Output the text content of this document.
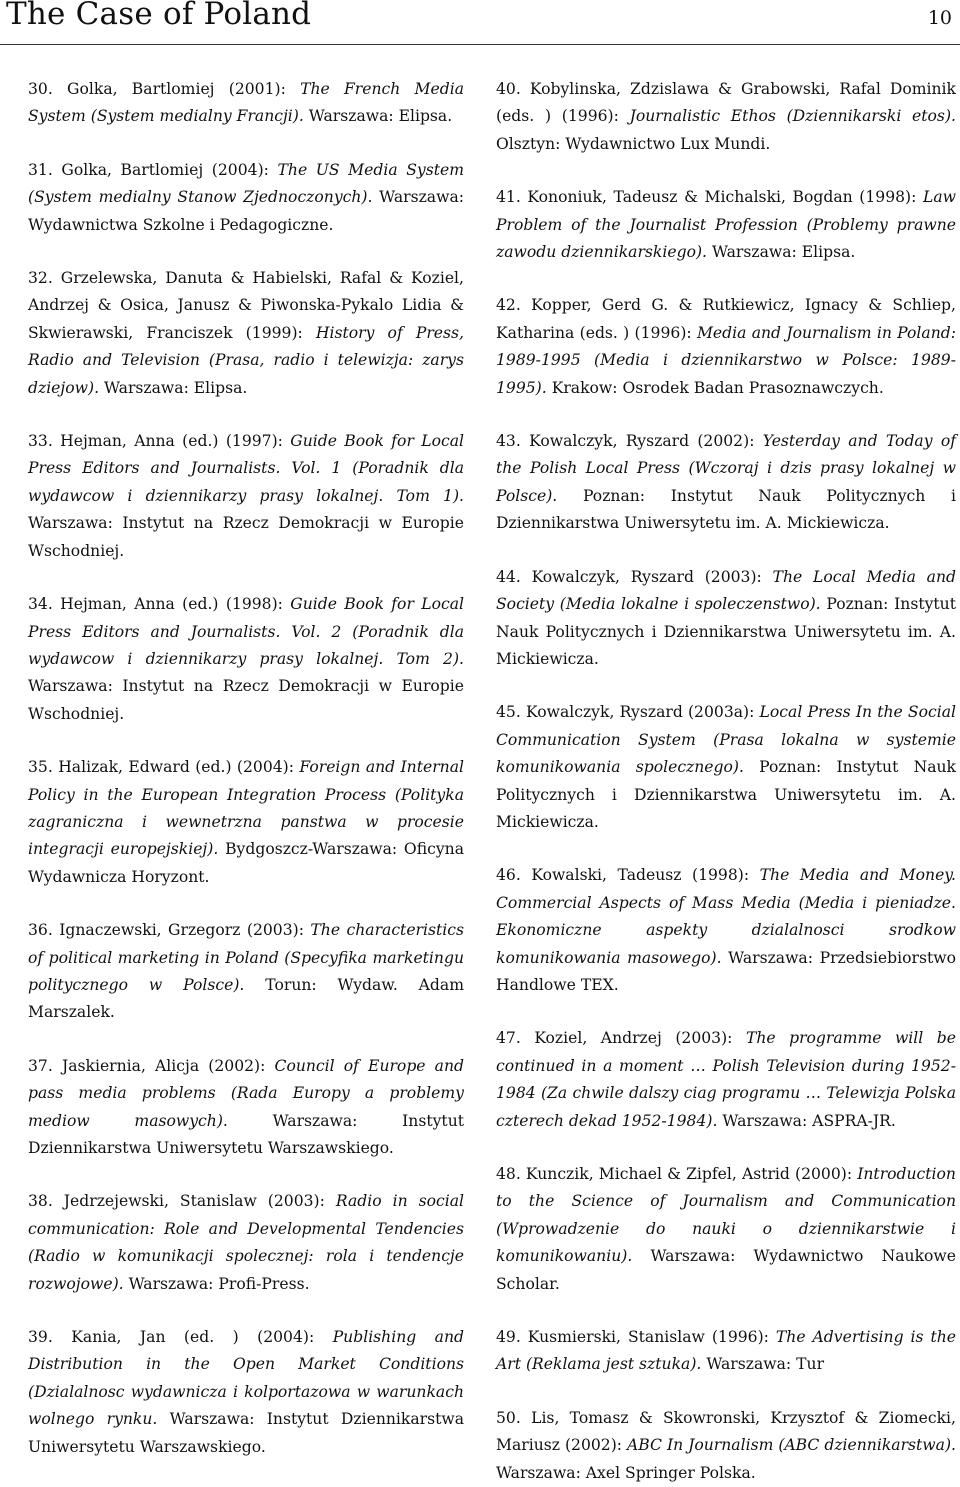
The Case of Poland	10
30. Golka, Bartlomiej (2001): The French Media System (System medialny Francji). Warszawa: Elipsa.
31. Golka, Bartlomiej (2004): The US Media System (System medialny Stanow Zjednoczonych). Warszawa: Wydawnictwa Szkolne i Pedagogiczne.
32. Grzelewska, Danuta & Habielski, Rafal & Koziel, Andrzej & Osica, Janusz & Piwonska-Pykalo Lidia & Skwierawski, Franciszek (1999): History of Press, Radio and Television (Prasa, radio i telewizja: zarys dziejow). Warszawa: Elipsa.
33. Hejman, Anna (ed.) (1997): Guide Book for Local Press Editors and Journalists. Vol. 1 (Poradnik dla wydawcow i dziennikarzy prasy lokalnej. Tom 1). Warszawa: Instytut na Rzecz Demokracji w Europie Wschodniej.
34. Hejman, Anna (ed.) (1998): Guide Book for Local Press Editors and Journalists. Vol. 2 (Poradnik dla wydawcow i dziennikarzy prasy lokalnej. Tom 2). Warszawa: Instytut na Rzecz Demokracji w Europie Wschodniej.
35. Halizak, Edward (ed.) (2004): Foreign and Internal Policy in the European Integration Process (Polityka zagraniczna i wewnetrzna panstwa w procesie integracji europejskiej). Bydgoszcz-Warszawa: Oficyna Wydawnicza Horyzont.
36. Ignaczewski, Grzegorz (2003): The characteristics of political marketing in Poland (Specyfika marketingu politycznego w Polsce). Torun: Wydaw. Adam Marszalek.
37. Jaskiernia, Alicja (2002): Council of Europe and pass media problems (Rada Europy a problemy mediow masowych). Warszawa: Instytut Dziennikarstwa Uniwersytetu Warszawskiego.
38. Jedrzejewski, Stanislaw (2003): Radio in social communication: Role and Developmental Tendencies (Radio w komunikacji spolecznej: rola i tendencje rozwojowe). Warszawa: Profi-Press.
39. Kania, Jan (ed. ) (2004): Publishing and Distribution in the Open Market Conditions (Dzialalnosc wydawnicza i kolportazowa w warunkach wolnego rynku. Warszawa: Instytut Dziennikarstwa Uniwersytetu Warszawskiego.
40. Kobylinska, Zdzislawa & Grabowski, Rafal Dominik (eds. ) (1996): Journalistic Ethos (Dziennikarski etos). Olsztyn: Wydawnictwo Lux Mundi.
41. Kononiuk, Tadeusz & Michalski, Bogdan (1998): Law Problem of the Journalist Profession (Problemy prawne zawodu dziennikarskiego). Warszawa: Elipsa.
42. Kopper, Gerd G. & Rutkiewicz, Ignacy & Schliep, Katharina (eds. ) (1996): Media and Journalism in Poland: 1989-1995 (Media i dziennikarstwo w Polsce: 1989-1995). Krakow: Osrodek Badan Prasoznawczych.
43. Kowalczyk, Ryszard (2002): Yesterday and Today of the Polish Local Press (Wczoraj i dzis prasy lokalnej w Polsce). Poznan: Instytut Nauk Politycznych i Dziennikarstwa Uniwersytetu im. A. Mickiewicza.
44. Kowalczyk, Ryszard (2003): The Local Media and Society (Media lokalne i spoleczenstwo). Poznan: Instytut Nauk Politycznych i Dziennikarstwa Uniwersytetu im. A. Mickiewicza.
45. Kowalczyk, Ryszard (2003a): Local Press In the Social Communication System (Prasa lokalna w systemie komunikowania spolecznego). Poznan: Instytut Nauk Politycznych i Dziennikarstwa Uniwersytetu im. A. Mickiewicza.
46. Kowalski, Tadeusz (1998): The Media and Money. Commercial Aspects of Mass Media (Media i pieniadze. Ekonomiczne aspekty dzialalnosci srodkow komunikowania masowego). Warszawa: Przedsiebiorstwo Handlowe TEX.
47. Koziel, Andrzej (2003): The programme will be continued in a moment … Polish Television during 1952-1984 (Za chwile dalszy ciag programu … Telewizja Polska czterech dekad 1952-1984). Warszawa: ASPRA-JR.
48. Kunczik, Michael & Zipfel, Astrid (2000): Introduction to the Science of Journalism and Communication (Wprowadzenie do nauki o dziennikarstwie i komunikowaniu). Warszawa: Wydawnictwo Naukowe Scholar.
49. Kusmierski, Stanislaw (1996): The Advertising is the Art (Reklama jest sztuka). Warszawa: Tur
50. Lis, Tomasz & Skowronski, Krzysztof & Ziomecki, Mariusz (2002): ABC In Journalism (ABC dziennikarstwa). Warszawa: Axel Springer Polska.
